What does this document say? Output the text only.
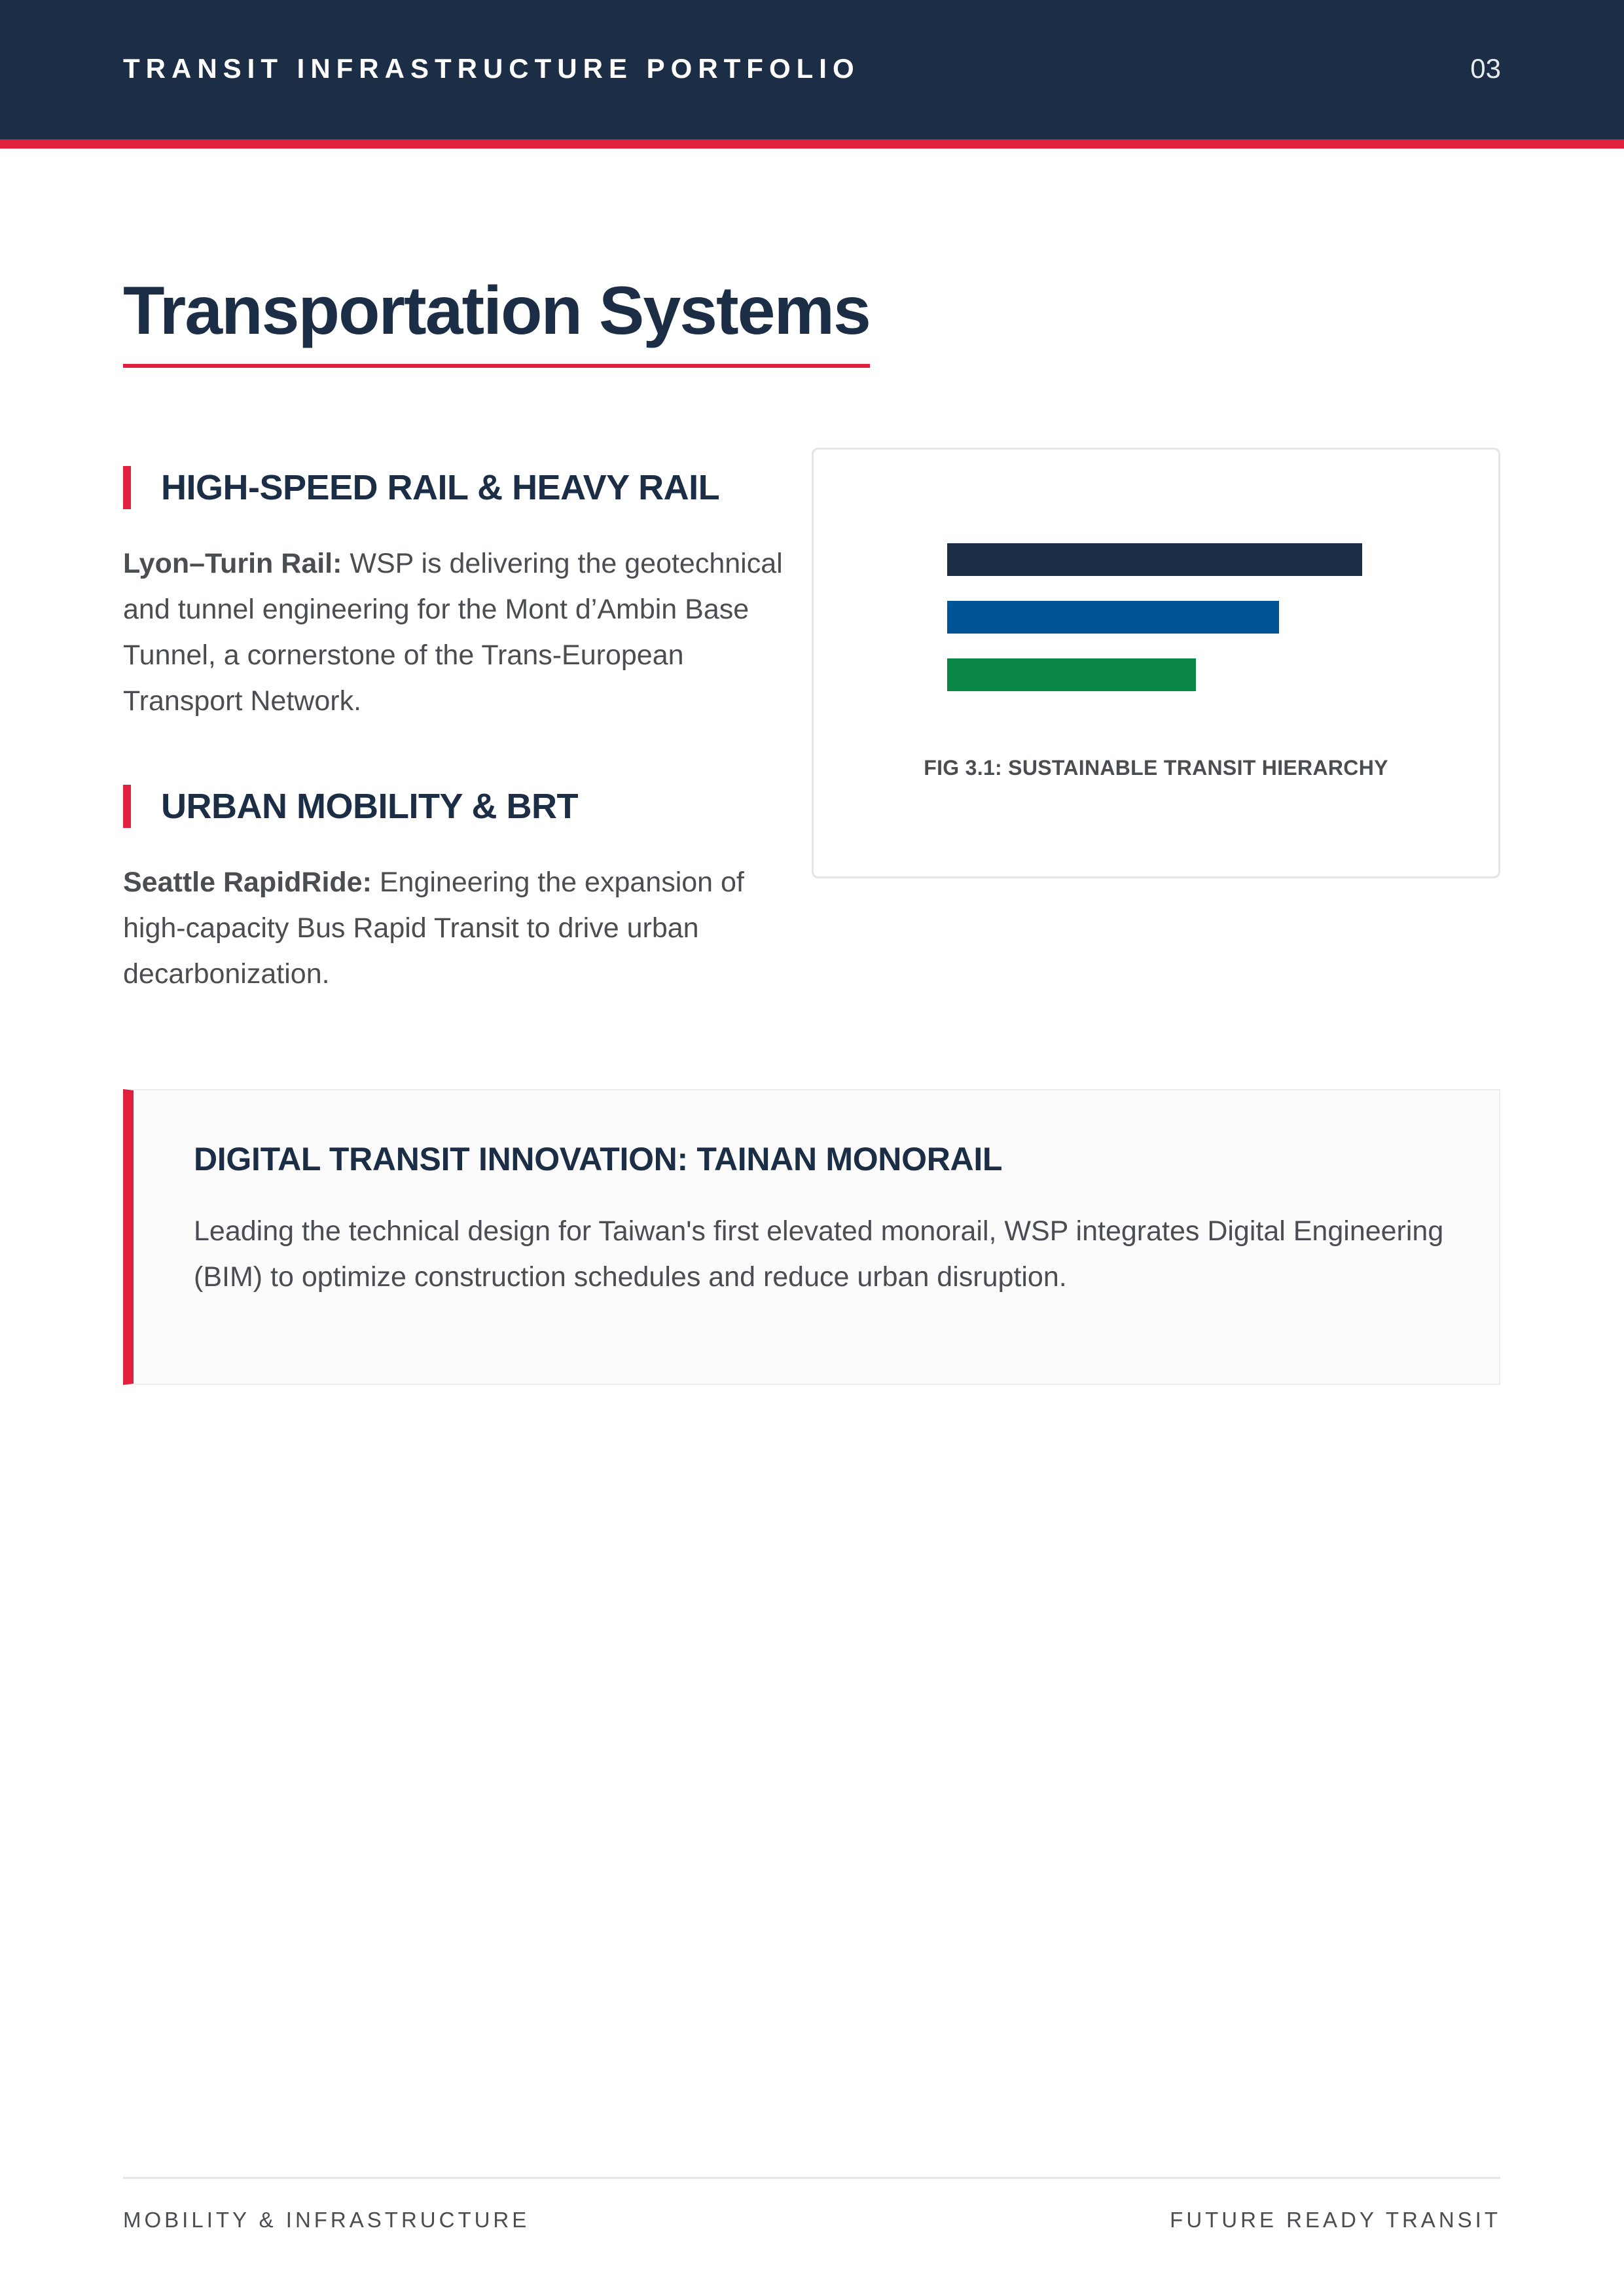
TRANSIT INFRASTRUCTURE PORTFOLIO	03
Transportation Systems
HIGH-SPEED RAIL & HEAVY RAIL

Lyon–Turin Rail: WSP is delivering the geotechnical and tunnel engineering for the Mont d’Ambin Base Tunnel, a cornerstone of the Trans-European Transport Network.

URBAN MOBILITY & BRT

Seattle RapidRide: Engineering the expansion of high-capacity Bus Rapid Transit to drive urban decarbonization.

FIG 3.1: SUSTAINABLE TRANSIT HIERARCHY
DIGITAL TRANSIT INNOVATION: TAINAN MONORAIL

Leading the technical design for Taiwan's first elevated monorail, WSP integrates Digital Engineering (BIM) to optimize construction schedules and reduce urban disruption.

MOBILITY & INFRASTRUCTURE	FUTURE READY TRANSIT
